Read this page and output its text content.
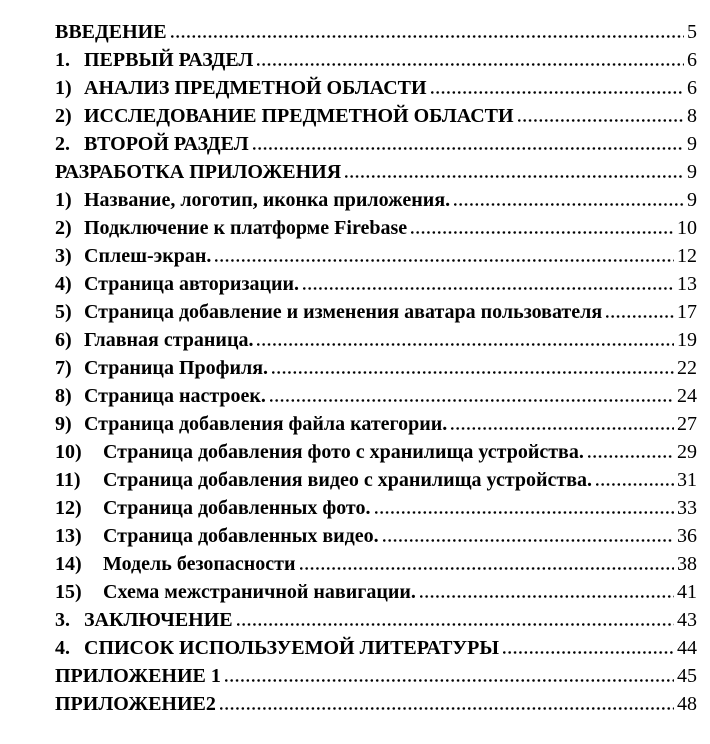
ВВЕДЕНИЕ	5
1. ПЕРВЫЙ РАЗДЕЛ	6
1) АНАЛИЗ ПРЕДМЕТНОЙ ОБЛАСТИ	6
2) ИССЛЕДОВАНИЕ ПРЕДМЕТНОЙ ОБЛАСТИ	8
2. ВТОРОЙ РАЗДЕЛ	9
РАЗРАБОТКА ПРИЛОЖЕНИЯ	9
1) Название, логотип, иконка приложения.	9
2) Подключение к платформе Firebase	10
3) Сплеш-экран.	12
4) Страница авторизации.	13
5) Страница добавление и изменения аватара пользователя	17
6) Главная страница.	19
7) Страница Профиля.	22
8) Страница настроек.	24
9) Страница добавления файла категории.	27
10)	Страница добавления фото с хранилища устройства.	29
11)	Страница добавления видео с хранилища устройства.	31
12)	Страница добавленных фото.	33
13)	Страница добавленных видео.	36
14)	Модель безопасности	38
15)	Схема межстраничной навигации.	41
3. ЗАКЛЮЧЕНИЕ	43
4. СПИСОК ИСПОЛЬЗУЕМОЙ ЛИТЕРАТУРЫ	44
ПРИЛОЖЕНИЕ 1	45
ПРИЛОЖЕНИЕ2	48
